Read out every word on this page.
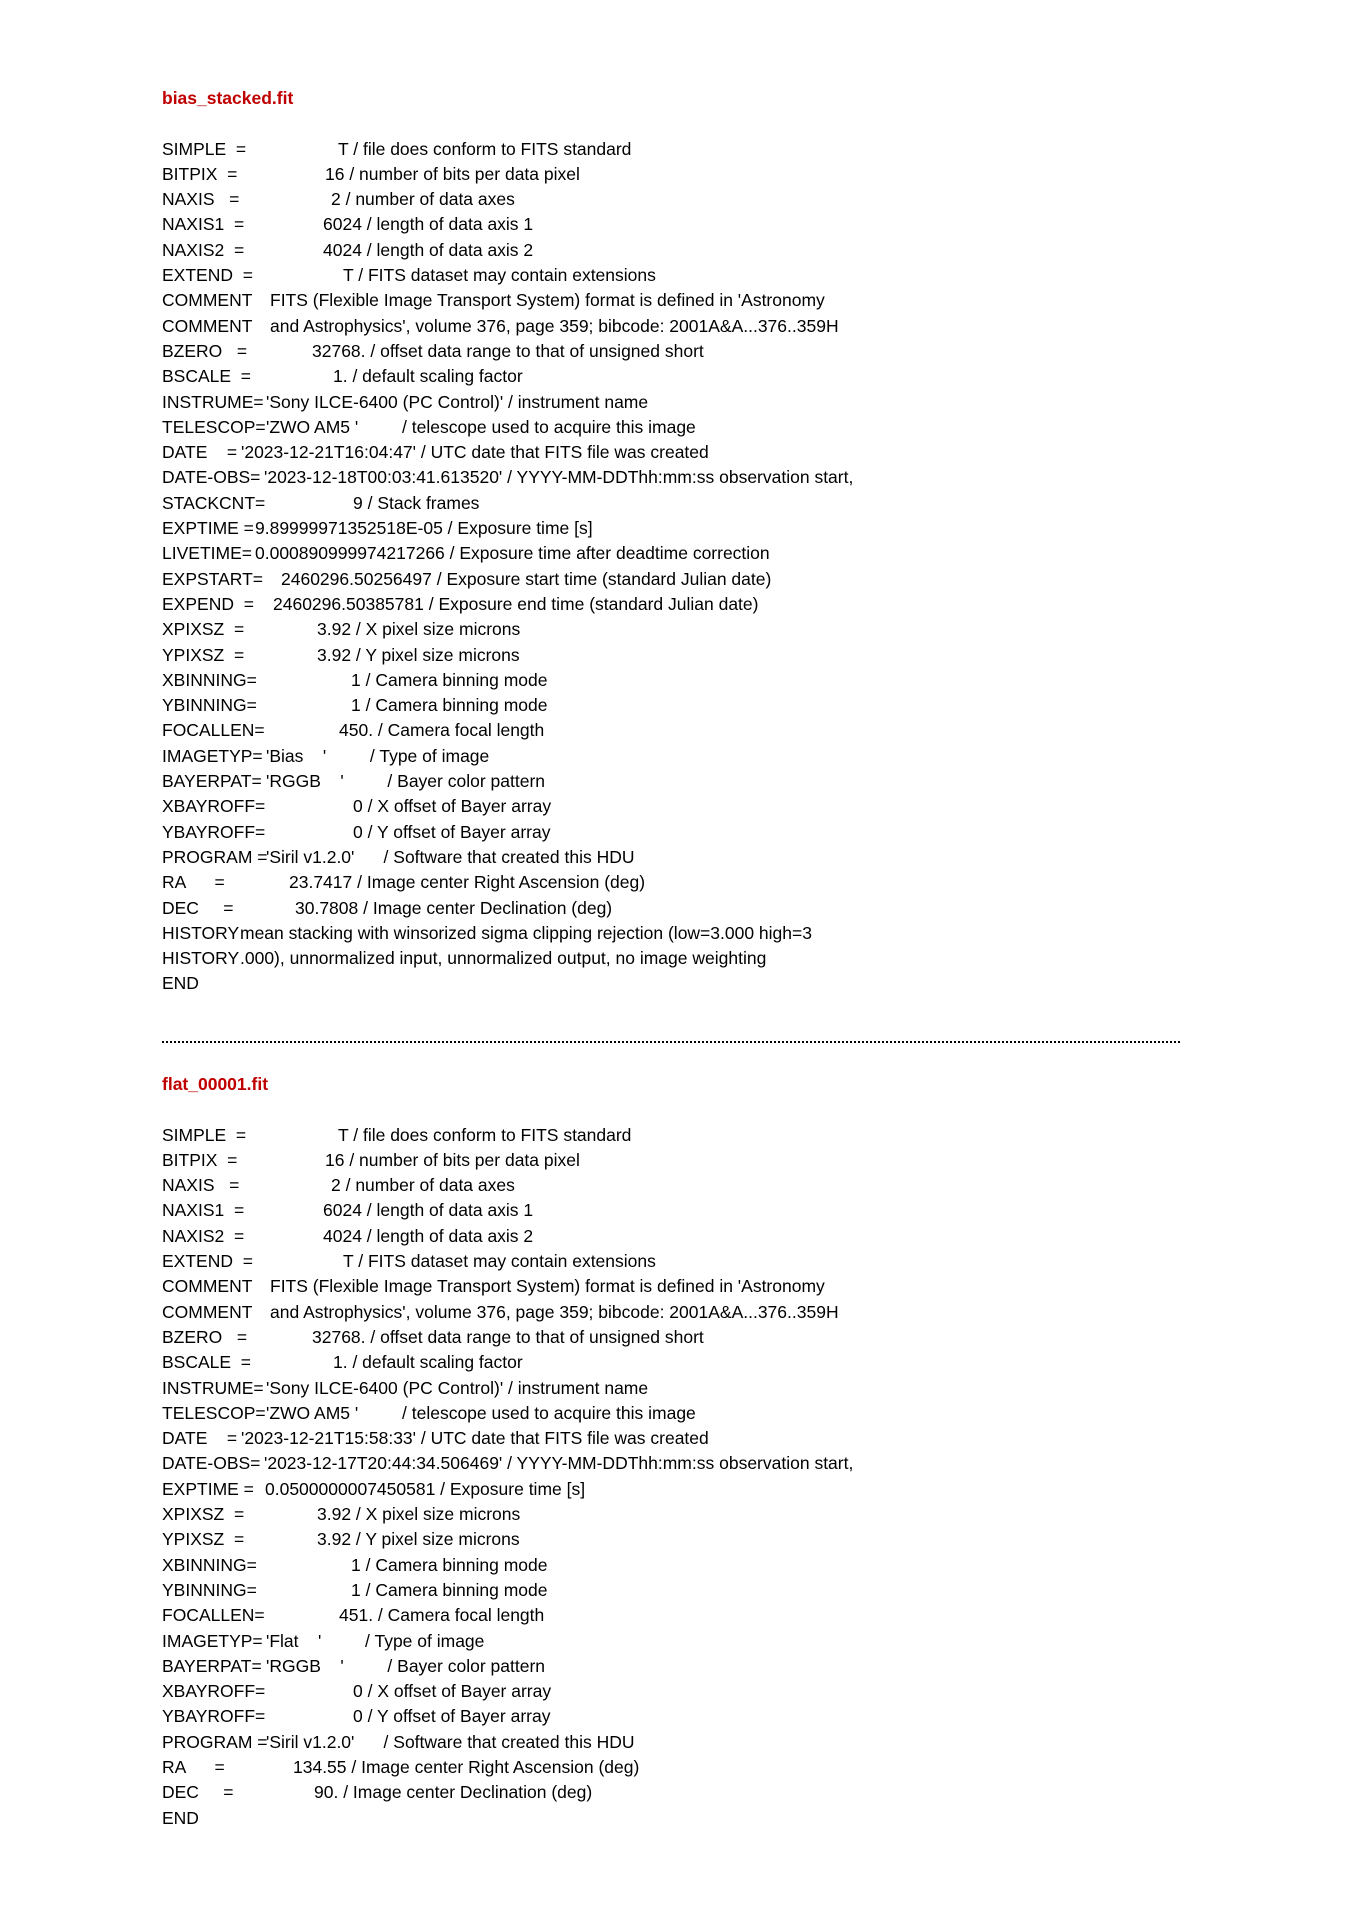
bias_stacked.fit
SIMPLE  =	T / file does conform to FITS standard
BITPIX  =	16 / number of bits per data pixel
NAXIS   =	2 / number of data axes
NAXIS1  =	6024 / length of data axis 1
NAXIS2  =	4024 / length of data axis 2
EXTEND  =	T / FITS dataset may contain extensions
COMMENT FITS (Flexible Image Transport System) format is defined in 'Astronomy
COMMENT and Astrophysics', volume 376, page 359; bibcode: 2001A&A...376..359H
BZERO   =	32768. / offset data range to that of unsigned short
BSCALE  =	1. / default scaling factor
INSTRUME= 'Sony ILCE-6400 (PC Control)' / instrument name
TELESCOP= 'ZWO AM5 '         / telescope used to acquire this image
DATE    = '2023-12-21T16:04:47' / UTC date that FITS file was created
DATE-OBS= '2023-12-18T00:03:41.613520' / YYYY-MM-DDThh:mm:ss observation start,
STACKCNT=	9 / Stack frames
EXPTIME = 9.89999971352518E-05 / Exposure time [s]
LIVETIME= 0.000890999974217266 / Exposure time after deadtime correction
EXPSTART= 2460296.50256497 / Exposure start time (standard Julian date)
EXPEND  = 2460296.50385781 / Exposure end time (standard Julian date)
XPIXSZ  =	3.92 / X pixel size microns
YPIXSZ  =	3.92 / Y pixel size microns
XBINNING=	1 / Camera binning mode
YBINNING=	1 / Camera binning mode
FOCALLEN=	450. / Camera focal length
IMAGETYP= 'Bias    '         / Type of image
BAYERPAT= 'RGGB    '         / Bayer color pattern
XBAYROFF=	0 / X offset of Bayer array
YBAYROFF=	0 / Y offset of Bayer array
PROGRAM =
'Siril v1.2.0'      / Software that created this HDU
RA      =	23.7417 / Image center Right Ascension (deg)
DEC     =	30.7808 / Image center Declination (deg)
HISTORY mean stacking with winsorized sigma clipping rejection (low=3.000 high=3
HISTORY .000), unnormalized input, unnormalized output, no image weighting
END
flat_00001.fit
SIMPLE  =	T / file does conform to FITS standard
BITPIX  =	16 / number of bits per data pixel
NAXIS   =	2 / number of data axes
NAXIS1  =	6024 / length of data axis 1
NAXIS2  =	4024 / length of data axis 2
EXTEND  =	T / FITS dataset may contain extensions
COMMENT FITS (Flexible Image Transport System) format is defined in 'Astronomy
COMMENT and Astrophysics', volume 376, page 359; bibcode: 2001A&A...376..359H
BZERO   =	32768. / offset data range to that of unsigned short
BSCALE  =	1. / default scaling factor
INSTRUME= 'Sony ILCE-6400 (PC Control)' / instrument name
TELESCOP= 'ZWO AM5 '         / telescope used to acquire this image
DATE    = '2023-12-21T15:58:33' / UTC date that FITS file was created
DATE-OBS= '2023-12-17T20:44:34.506469' / YYYY-MM-DDThh:mm:ss observation start,
EXPTIME = 0.0500000007450581 / Exposure time [s]
XPIXSZ  =	3.92 / X pixel size microns
YPIXSZ  =	3.92 / Y pixel size microns
XBINNING=	1 / Camera binning mode
YBINNING=	1 / Camera binning mode
FOCALLEN=	451. / Camera focal length
IMAGETYP= 'Flat    '         / Type of image
BAYERPAT= 'RGGB    '         / Bayer color pattern
XBAYROFF=	0 / X offset of Bayer array
YBAYROFF=	0 / Y offset of Bayer array
PROGRAM =
'Siril v1.2.0'      / Software that created this HDU
RA      =	134.55 / Image center Right Ascension (deg)
DEC     =	90. / Image center Declination (deg)
END
